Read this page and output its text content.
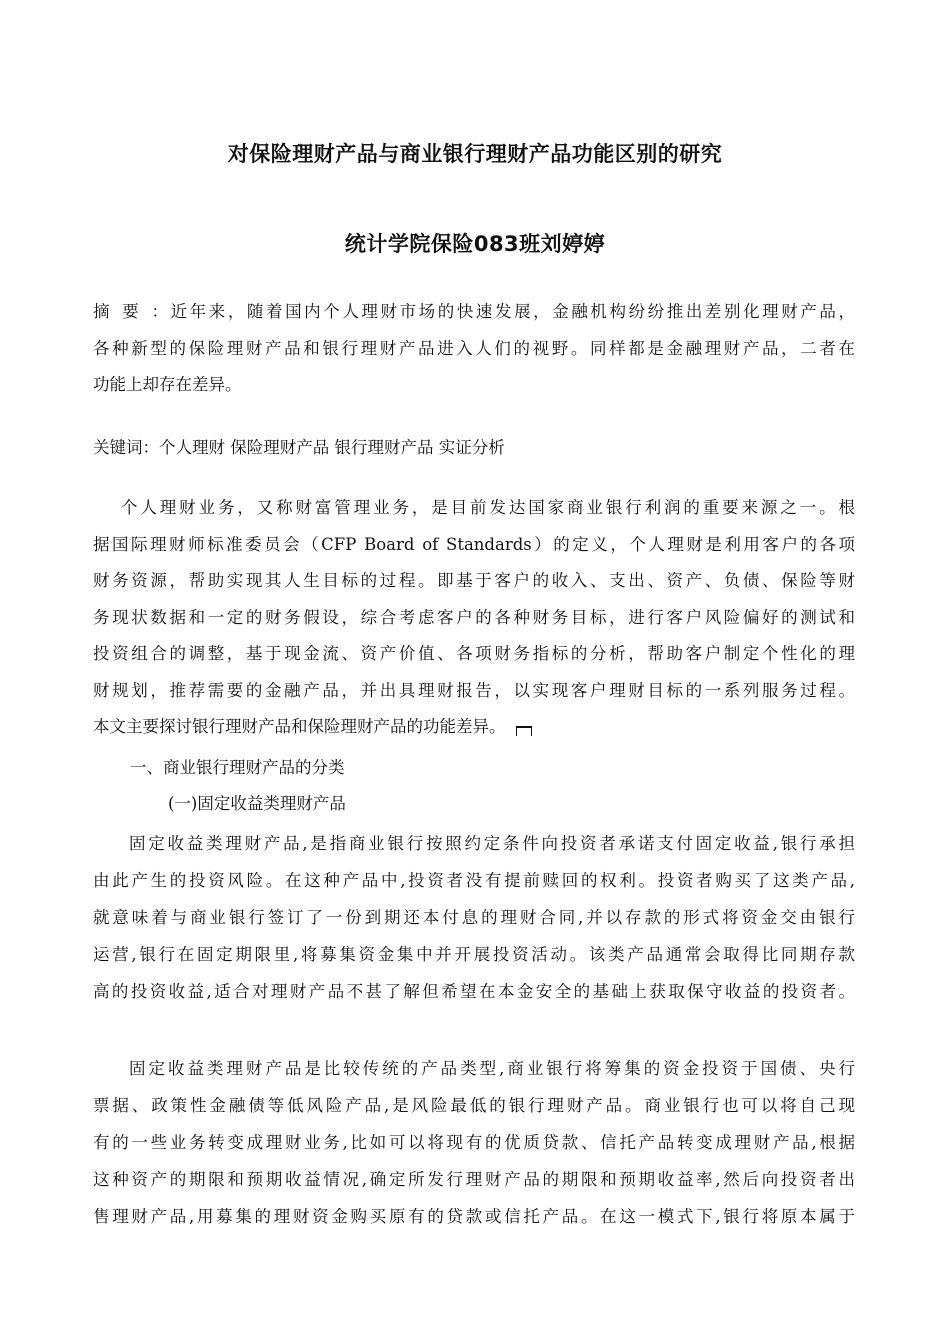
对保险理财产品与商业银行理财产品功能区别的研究
统计学院保险083班刘婷婷
摘要：近年来，随着国内个人理财市场的快速发展，金融机构纷纷推出差别化理财产品，
各种新型的保险理财产品和银行理财产品进入人们的视野。同样都是金融理财产品，二者在
功能上却存在差异。
关键词：个人理财 保险理财产品 银行理财产品 实证分析
个人理财业务，又称财富管理业务，是目前发达国家商业银行利润的重要来源之一。根
据国际理财师标准委员会（CFP Board of Standards）的定义，个人理财是利用客户的各项
财务资源，帮助实现其人生目标的过程。即基于客户的收入、支出、资产、负债、保险等财
务现状数据和一定的财务假设，综合考虑客户的各种财务目标，进行客户风险偏好的测试和
投资组合的调整，基于现金流、资产价值、各项财务指标的分析，帮助客户制定个性化的理
财规划，推荐需要的金融产品，并出具理财报告，以实现客户理财目标的一系列服务过程。
本文主要探讨银行理财产品和保险理财产品的功能差异。
一、商业银行理财产品的分类
(一)固定收益类理财产品
固定收益类理财产品,是指商业银行按照约定条件向投资者承诺支付固定收益,银行承担
由此产生的投资风险。在这种产品中,投资者没有提前赎回的权利。投资者购买了这类产品,
就意味着与商业银行签订了一份到期还本付息的理财合同,并以存款的形式将资金交由银行
运营,银行在固定期限里,将募集资金集中并开展投资活动。该类产品通常会取得比同期存款
高的投资收益,适合对理财产品不甚了解但希望在本金安全的基础上获取保守收益的投资者。
固定收益类理财产品是比较传统的产品类型,商业银行将筹集的资金投资于国债、央行
票据、政策性金融债等低风险产品,是风险最低的银行理财产品。商业银行也可以将自己现
有的一些业务转变成理财业务,比如可以将现有的优质贷款、信托产品转变成理财产品,根据
这种资产的期限和预期收益情况,确定所发行理财产品的期限和预期收益率,然后向投资者出
售理财产品,用募集的理财资金购买原有的贷款或信托产品。在这一模式下,银行将原本属于
